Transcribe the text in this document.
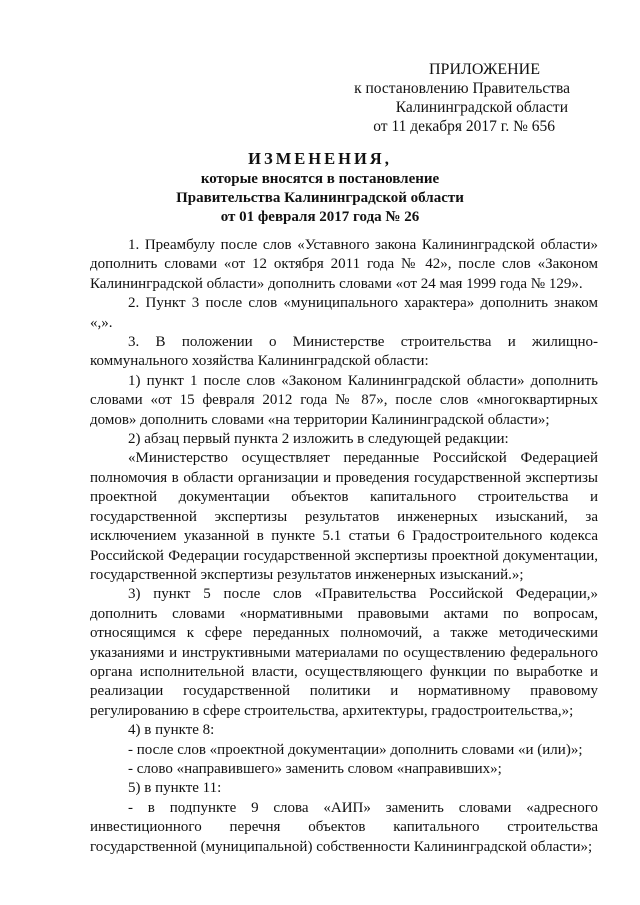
ПРИЛОЖЕНИЕ
к постановлению Правительства
Калининградской области
от 11 декабря 2017 г. № 656
ИЗМЕНЕНИЯ,
которые вносятся в постановление
Правительства Калининградской области
от 01 февраля 2017 года № 26

1. Преамбулу после слов «Уставного закона Калининградской области» дополнить словами «от 12 октября 2011 года № 42», после слов «Законом Калининградской области» дополнить словами «от 24 мая 1999 года № 129».

2. Пункт 3 после слов «муниципального характера» дополнить знаком «,».

3. В положении о Министерстве строительства и жилищно-коммунального хозяйства Калининградской области:

1) пункт 1 после слов «Законом Калининградской области» дополнить словами «от 15 февраля 2012 года № 87», после слов «многоквартирных домов» дополнить словами «на территории Калининградской области»;

2) абзац первый пункта 2 изложить в следующей редакции:

«Министерство осуществляет переданные Российской Федерацией полномочия в области организации и проведения государственной экспертизы проектной документации объектов капитального строительства и государственной экспертизы результатов инженерных изысканий, за исключением указанной в пункте 5.1 статьи 6 Градостроительного кодекса Российской Федерации государственной экспертизы проектной документации, государственной экспертизы результатов инженерных изысканий.»;

3) пункт 5 после слов «Правительства Российской Федерации,» дополнить словами «нормативными правовыми актами по вопросам, относящимся к сфере переданных полномочий, а также методическими указаниями и инструктивными материалами по осуществлению федерального органа исполнительной власти, осуществляющего функции по выработке и реализации государственной политики и нормативному правовому регулированию в сфере строительства, архитектуры, градостроительства,»;

4) в пункте 8:

- после слов «проектной документации» дополнить словами «и (или)»;

- слово «направившего» заменить словом «направивших»;

5) в пункте 11:

- в подпункте 9 слова «АИП» заменить словами «адресного инвестиционного перечня объектов капитального строительства государственной (муниципальной) собственности Калининградской области»;
